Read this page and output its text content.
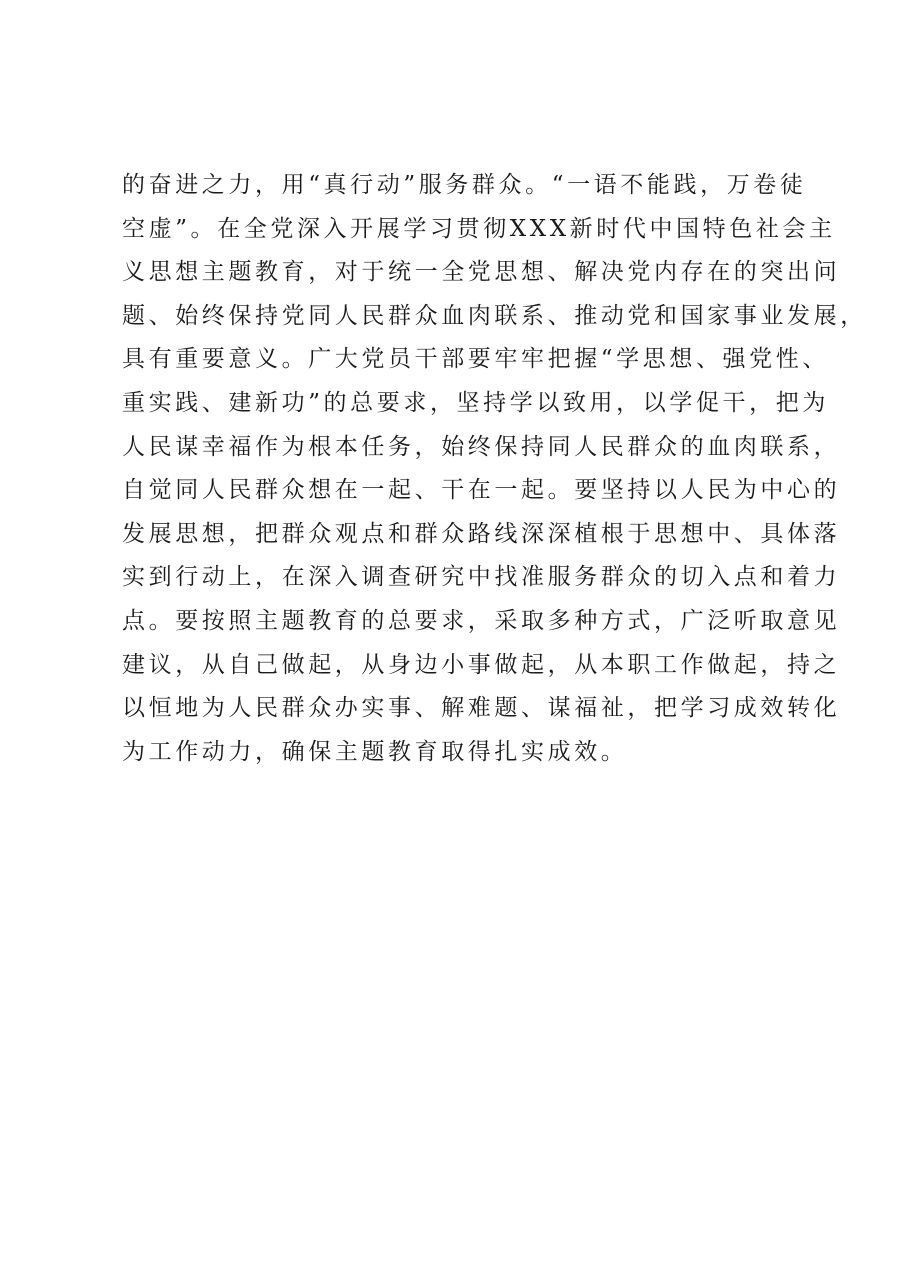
的奋进之力，用“真行动”服务群众。“一语不能践，万卷徒
空虚”。在全党深入开展学习贯彻XXX新时代中国特色社会主
义思想主题教育，对于统一全党思想、解决党内存在的突出问
题、始终保持党同人民群众血肉联系、推动党和国家事业发展，
具有重要意义。广大党员干部要牢牢把握“学思想、强党性、
重实践、建新功”的总要求，坚持学以致用，以学促干，把为
人民谋幸福作为根本任务，始终保持同人民群众的血肉联系，
自觉同人民群众想在一起、干在一起。要坚持以人民为中心的
发展思想，把群众观点和群众路线深深植根于思想中、具体落
实到行动上，在深入调查研究中找准服务群众的切入点和着力
点。要按照主题教育的总要求，采取多种方式，广泛听取意见
建议，从自己做起，从身边小事做起，从本职工作做起，持之
以恒地为人民群众办实事、解难题、谋福祉，把学习成效转化
为工作动力，确保主题教育取得扎实成效。
